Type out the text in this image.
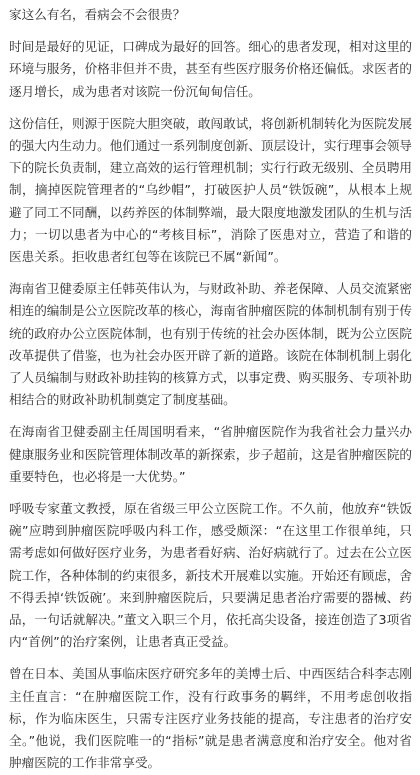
家这么有名，看病会不会很贵？

时间是最好的见证，口碑成为最好的回答。细心的患者发现，相对这里的环境与服务，价格非但并不贵，甚至有些医疗服务价格还偏低。求医者的逐月增长，成为患者对该院一份沉甸甸信任。

这份信任，则源于医院大胆突破，敢闯敢试，将创新机制转化为医院发展的强大内生动力。他们通过一系列制度创新、顶层设计，实行理事会领导下的院长负责制，建立高效的运行管理机制；实行行政无级别、全员聘用制，摘掉医院管理者的“乌纱帽”，打破医护人员“铁饭碗”，从根本上规避了同工不同酬，以药养医的体制弊端，最大限度地激发团队的生机与活力；一切以患者为中心的“考核目标”，消除了医患对立，营造了和谐的医患关系。拒收患者红包等在该院已不属“新闻”。

海南省卫健委原主任韩英伟认为，与财政补助、养老保障、人员交流紧密相连的编制是公立医院改革的核心，海南省肿瘤医院的体制机制有别于传统的政府办公立医院体制，也有别于传统的社会办医体制，既为公立医院改革提供了借鉴，也为社会办医开辟了新的道路。该院在体制机制上弱化了人员编制与财政补助挂钩的核算方式，以事定费、购买服务、专项补助相结合的财政补助机制奠定了制度基础。

在海南省卫健委副主任周国明看来，“省肿瘤医院作为我省社会力量兴办健康服务业和医院管理体制改革的新探索，步子超前，这是省肿瘤医院的重要特色，也必将是一大优势。”

呼吸专家董文教授，原在省级三甲公立医院工作。不久前，他放弃“铁饭碗”应聘到肿瘤医院呼吸内科工作，感受颇深：“在这里工作很单纯，只需考虑如何做好医疗业务，为患者看好病、治好病就行了。过去在公立医院工作，各种体制的约束很多，新技术开展难以实施。开始还有顾虑，舍不得丢掉‘铁饭碗’。来到肿瘤医院后，只要满足患者治疗需要的器械、药品，一句话就解决。”董文入职三个月，依托高尖设备，接连创造了3项省内“首例”的治疗案例，让患者真正受益。

曾在日本、美国从事临床医疗研究多年的美博士后、中西医结合科李志刚主任直言：“在肿瘤医院工作，没有行政事务的羁绊，不用考虑创收指标，作为临床医生，只需专注医疗业务技能的提高，专注患者的治疗安全。”他说，我们医院唯一的“指标”就是患者满意度和治疗安全。他对省肿瘤医院的工作非常享受。
